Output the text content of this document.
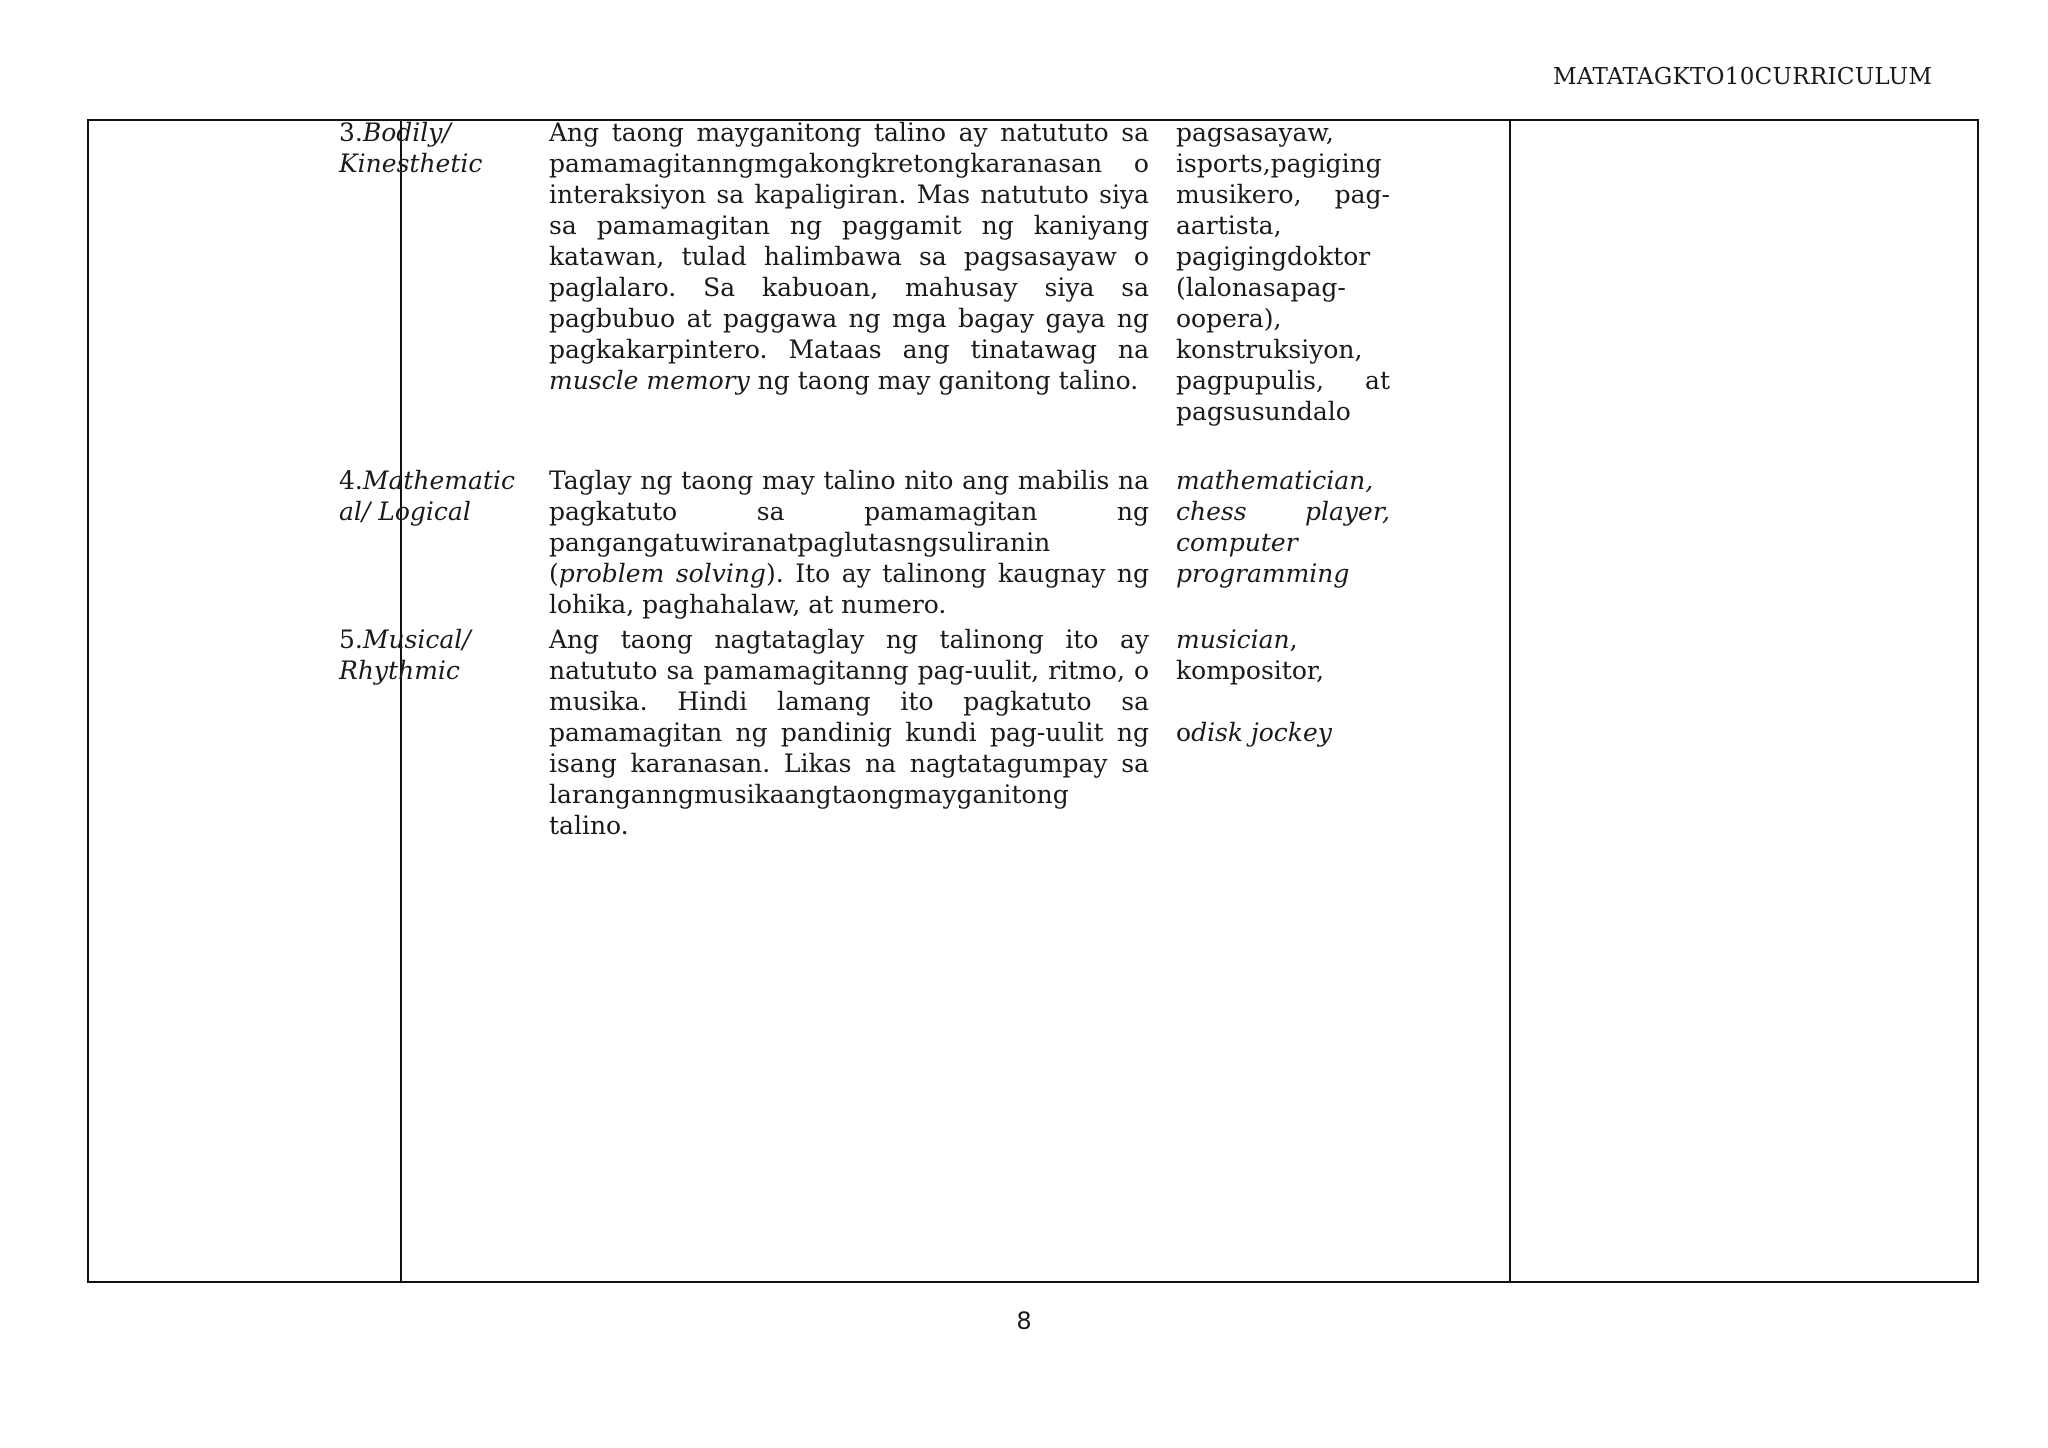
MATATAGKTO10CURRICULUM
3.Bodily/
Kinesthetic
Ang taong mayganitong talino ay natututo sa
pamamagitanngmgakongkretongkaranasan o
interaksiyon sa kapaligiran. Mas natututo siya
sa pamamagitan ng paggamit ng kaniyang
katawan, tulad halimbawa sa pagsasayaw o
paglalaro. Sa kabuoan, mahusay siya sa
pagbubuo at paggawa ng mga bagay gaya ng
pagkakarpintero. Mataas ang tinatawag na
muscle memory ng taong may ganitong talino.
pagsasayaw,
isports,pagiging
musikero, pag-
aartista,
pagigingdoktor
(lalonasapag-
oopera),
konstruksiyon,
pagpupulis, at
pagsusundalo
4.Mathematic
al/ Logical
Taglay ng taong may talino nito ang mabilis na
pagkatuto sa pamamagitan ng
pangangatuwiranatpaglutasngsuliranin
(problem solving). Ito ay talinong kaugnay ng
lohika, paghahalaw, at numero.
mathematician,
chess player,
computer
programming
5.Musical/
Rhythmic
Ang taong nagtataglay ng talinong ito ay
natututo sa pamamagitanng pag-uulit, ritmo, o
musika. Hindi lamang ito pagkatuto sa
pamamagitan ng pandinig kundi pag-uulit ng
isang karanasan. Likas na nagtatagumpay sa
laranganngmusikaangtaongmayganitong
talino.
musician,
kompositor,

odisk jockey
8
